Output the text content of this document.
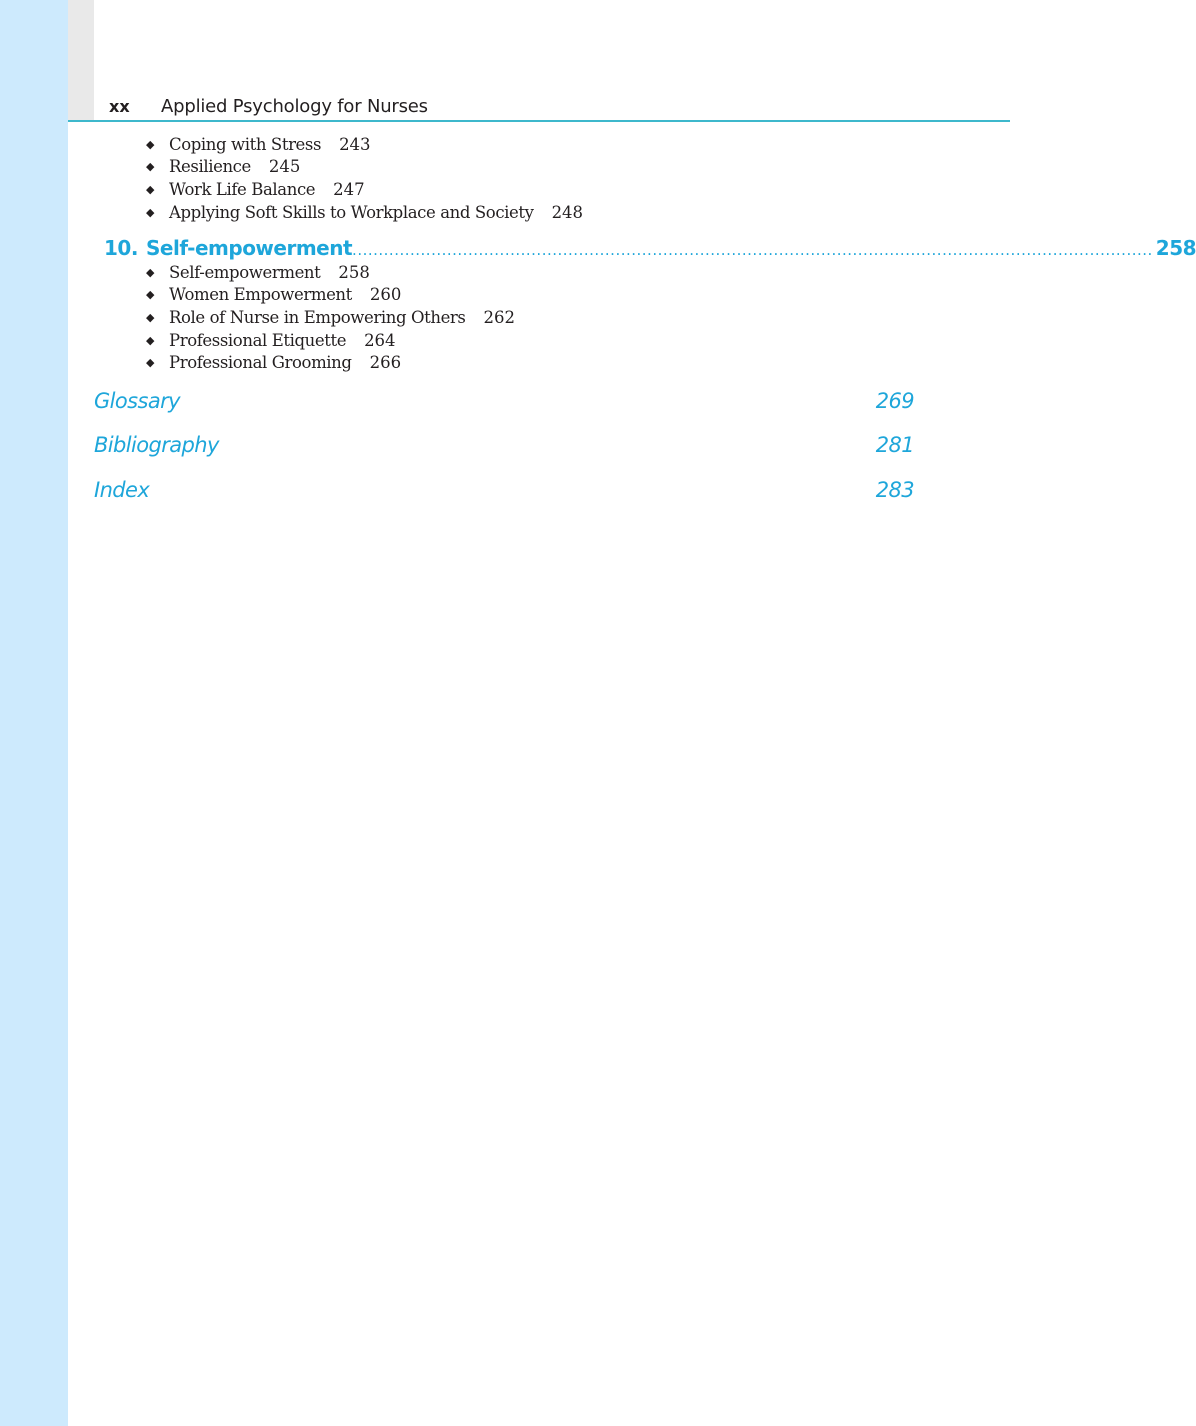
xx	Applied Psychology for Nurses
◆ Coping with Stress 243
◆ Resilience 245
◆ Work Life Balance 247
◆ Applying Soft Skills to Workplace and Society 248
10. Self-empowerment ........................................................................................................................................................ 258
◆ Self-empowerment 258
◆ Women Empowerment 260
◆ Role of Nurse in Empowering Others 262
◆ Professional Etiquette 264
◆ Professional Grooming 266
Glossary	269
Bibliography	281
Index	283
